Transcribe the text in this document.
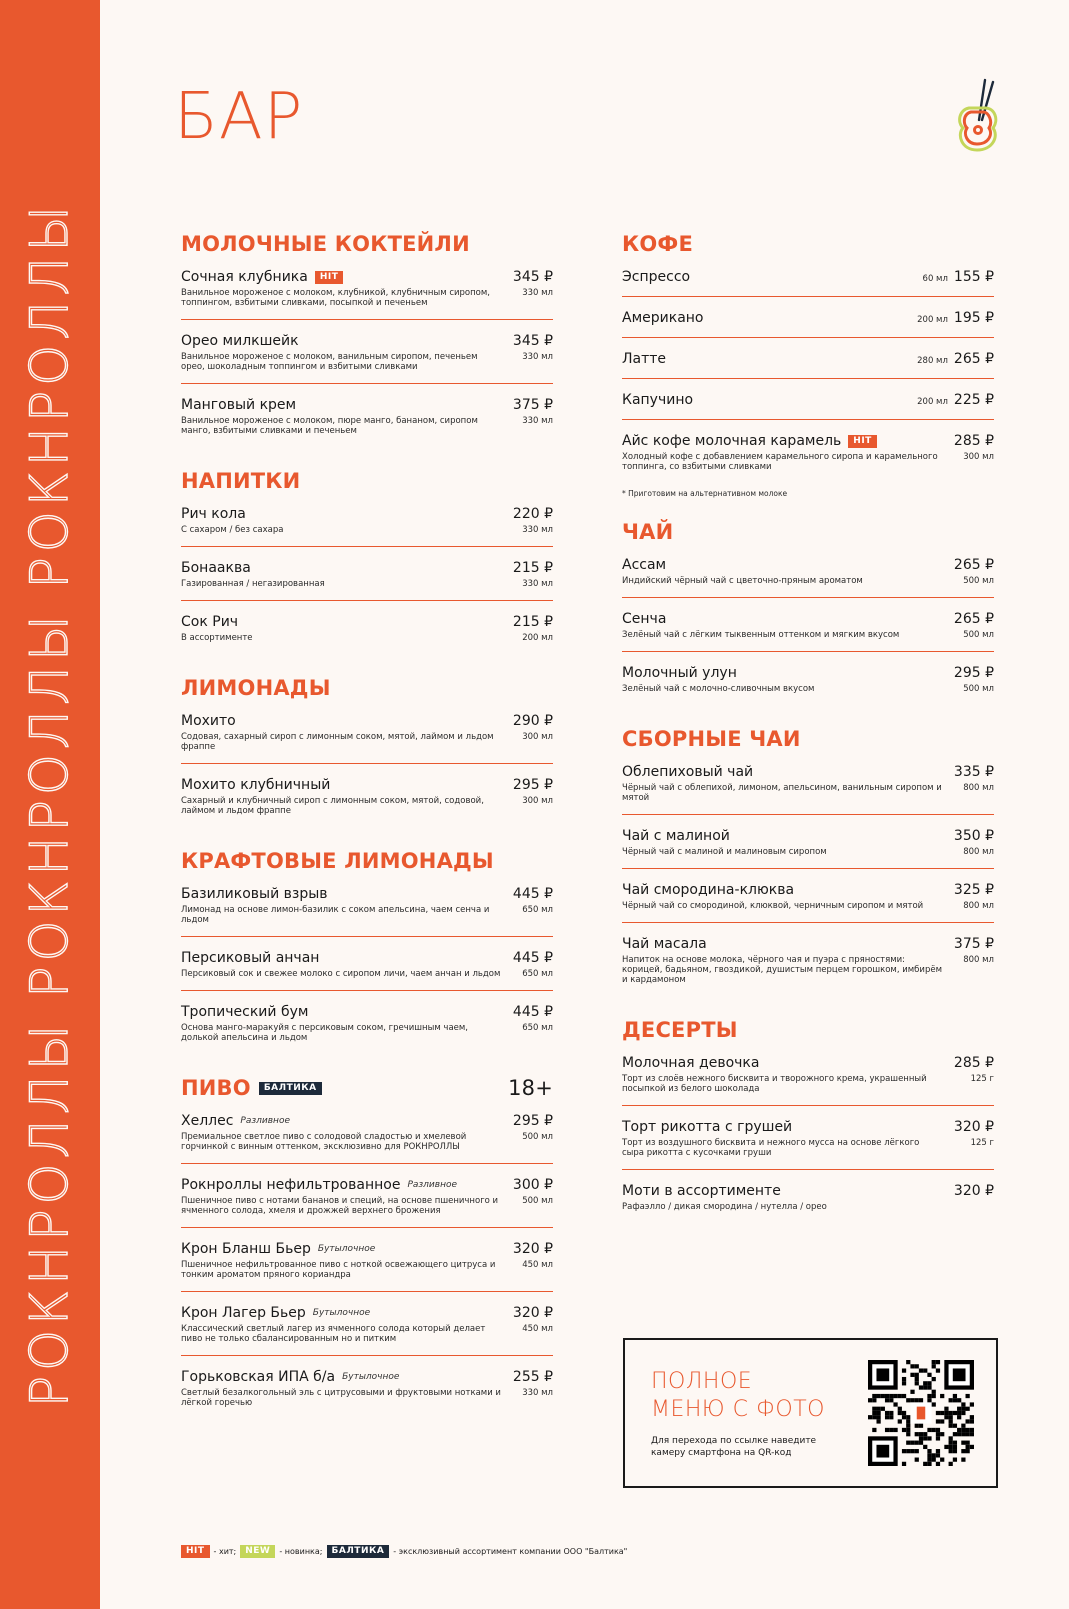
РОКНРОЛЛЫ РОКНРОЛЛЫ РОКНРОЛЛЫ
БАР
МОЛОЧНЫЕ КОКТЕЙЛИ
Сочная клубника	HIT	345 ₽
Ванильное мороженое с молоком, клубникой, клубничным сиропом, топпингом, взбитыми сливками, посыпкой и печеньем
330 мл
Орео милкшейк	345 ₽
Ванильное мороженое с молоком, ванильным сиропом, печеньем орео, шоколадным топпингом и взбитыми сливками
330 мл
Манговый крем	375 ₽
Ванильное мороженое с молоком, пюре манго, бананом, сиропом манго, взбитыми сливками и печеньем
330 мл
НАПИТКИ
Рич кола	220 ₽
С сахаром / без сахара	330 мл
Бонааква	215 ₽
Газированная / негазированная	330 мл
Сок Рич	215 ₽
В ассортименте	200 мл
ЛИМОНАДЫ
Мохито	290 ₽
Содовая, сахарный сироп с лимонным соком, мятой, лаймом и льдом фраппе
300 мл
Мохито клубничный	295 ₽
Сахарный и клубничный сироп с лимонным соком, мятой, содовой, лаймом и льдом фраппе
300 мл
КРАФТОВЫЕ ЛИМОНАДЫ
Базиликовый взрыв	445 ₽
Лимонад на основе лимон-базилик с соком апельсина, чаем сенча и льдом
650 мл
Персиковый анчан	445 ₽
Персиковый сок и свежее молоко с сиропом личи, чаем анчан и льдом	650 мл
Тропический бум	445 ₽
Основа манго-маракуйя с персиковым соком, гречишным чаем, долькой апельсина и льдом
650 мл
ПИВО	БАЛТИКА	18+
Хеллес Разливное	295 ₽
Премиальное светлое пиво с солодовой сладостью и хмелевой горчинкой с винным оттенком, эксклюзивно для РОКНРОЛЛЫ
500 мл
Рокнроллы нефильтрованное Разливное	300 ₽
Пшеничное пиво с нотами бананов и специй, на основе пшеничного и ячменного солода, хмеля и дрожжей верхнего брожения
500 мл
Крон Бланш Бьер Бутылочное	320 ₽
Пшеничное нефильтрованное пиво с ноткой освежающего цитруса и тонким ароматом пряного кориандра
450 мл
Крон Лагер Бьер Бутылочное	320 ₽
Классический светлый лагер из ячменного солода который делает пиво не только сбалансированным но и питким
450 мл
Горьковская ИПА б/а Бутылочное	255 ₽
Светлый безалкогольный эль с цитрусовыми и фруктовыми нотками и лёгкой горечью
330 мл
КОФЕ
Эспрессо	60 мл 155 ₽
Американо	200 мл 195 ₽
Латте	280 мл 265 ₽
Капучино	200 мл 225 ₽
Айс кофе молочная карамель	HIT	285 ₽
Холодный кофе с добавлением карамельного сиропа и карамельного топпинга, со взбитыми сливками
300 мл
* Приготовим на альтернативном молоке
ЧАЙ
Ассам	265 ₽
Индийский чёрный чай с цветочно-пряным ароматом	500 мл
Сенча	265 ₽
Зелёный чай с лёгким тыквенным оттенком и мягким вкусом	500 мл
Молочный улун	295 ₽
Зелёный чай с молочно-сливочным вкусом	500 мл
СБОРНЫЕ ЧАИ
Облепиховый чай	335 ₽
Чёрный чай с облепихой, лимоном, апельсином, ванильным сиропом и мятой
800 мл
Чай с малиной	350 ₽
Чёрный чай с малиной и малиновым сиропом	800 мл
Чай смородина-клюква	325 ₽
Чёрный чай со смородиной, клюквой, черничным сиропом и мятой	800 мл
Чай масала	375 ₽
Напиток на основе молока, чёрного чая и пуэра с пряностями: корицей, бадьяном, гвоздикой, душистым перцем горошком, имбирём и кардамоном
800 мл
ДЕСЕРТЫ
Молочная девочка	285 ₽
Торт из слоёв нежного бисквита и творожного крема, украшенный посыпкой из белого шоколада
125 г
Торт рикотта с грушей	320 ₽
Торт из воздушного бисквита и нежного мусса на основе лёгкого сыра рикотта с кусочками груши
125 г
Моти в ассортименте	320 ₽
Рафаэлло / дикая смородина / нутелла / орео
ПОЛНОЕ
МЕНЮ С ФОТО
Для перехода по ссылке наведите камеру смартфона на QR-код
HIT	- хит;	NEW	- новинка;	БАЛТИКА	- эксклюзивный ассортимент компании ООО "Балтика"
